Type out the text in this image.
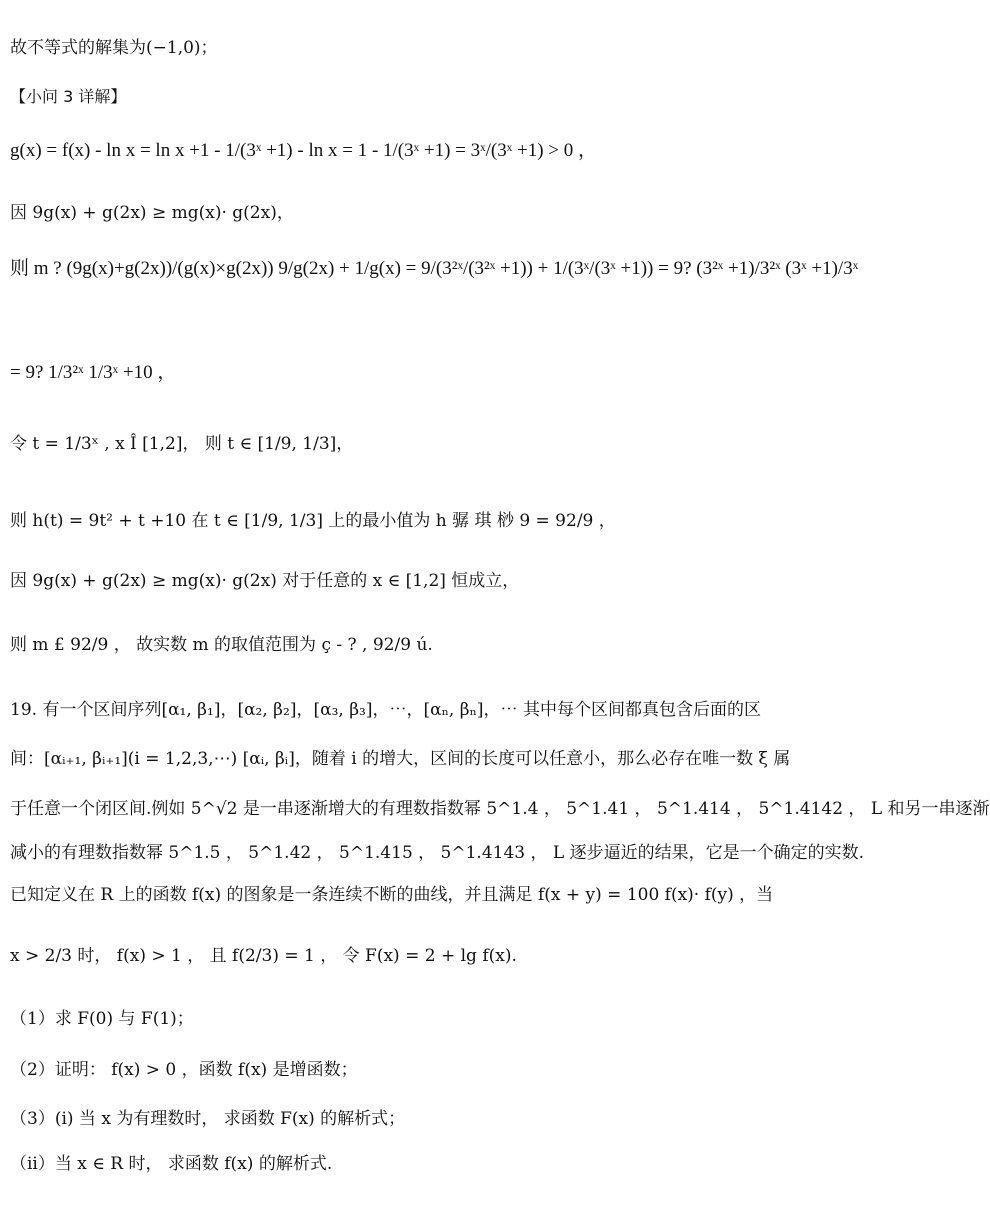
故不等式的解集为(−1,0)；
【小问 3 详解】
g(x) = f(x) - ln x = ln x +1 - 1/(3ˣ +1) - ln x = 1 - 1/(3ˣ +1) = 3ˣ/(3ˣ +1) > 0 ，
因 9g(x) + g(2x) ≥ mg(x)· g(2x)，
则 m ? (9g(x)+g(2x))/(g(x)×g(2x)) 9/g(2x) + 1/g(x) = 9/(3²ˣ/(3²ˣ +1)) + 1/(3ˣ/(3ˣ +1)) = 9? (3²ˣ +1)/3²ˣ (3ˣ +1)/3ˣ
= 9? 1/3²ˣ 1/3ˣ +10 ，
令 t = 1/3ˣ , x Î [1,2]， 则 t ∈ [1/9, 1/3]，
则 h(t) = 9t² + t +10 在 t ∈ [1/9, 1/3] 上的最小值为 h 骣 琪 桫 9 = 92/9 ，
因 9g(x) + g(2x) ≥ mg(x)· g(2x) 对于任意的 x ∈ [1,2] 恒成立，
则 m £ 92/9 ， 故实数 m 的取值范围为 ç - ? , 92/9 ú.
19. 有一个区间序列[α₁, β₁]，[α₂, β₂]，[α₃, β₃]，⋯，[αₙ, βₙ]，⋯ 其中每个区间都真包含后面的区
间：[αᵢ₊₁, βᵢ₊₁](i = 1,2,3,⋯) [αᵢ, βᵢ]，随着 i 的增大，区间的长度可以任意小，那么必存在唯一数 ξ 属
于任意一个闭区间.例如 5^√2 是一串逐渐增大的有理数指数幂 5^1.4 ， 5^1.41 ， 5^1.414 ， 5^1.4142 ， L 和另一串逐渐
减小的有理数指数幂 5^1.5 ， 5^1.42 ， 5^1.415 ， 5^1.4143 ， L 逐步逼近的结果，它是一个确定的实数.
已知定义在 R 上的函数 f(x) 的图象是一条连续不断的曲线，并且满足 f(x + y) = 100 f(x)· f(y) ，当
x > 2/3 时， f(x) > 1 ， 且 f(2/3) = 1 ， 令 F(x) = 2 + lg f(x).
（1）求 F(0) 与 F(1)；
（2）证明： f(x) > 0 ，函数 f(x) 是增函数；
（3）(i) 当 x 为有理数时， 求函数 F(x) 的解析式；
（ii）当 x ∈ R 时， 求函数 f(x) 的解析式.
